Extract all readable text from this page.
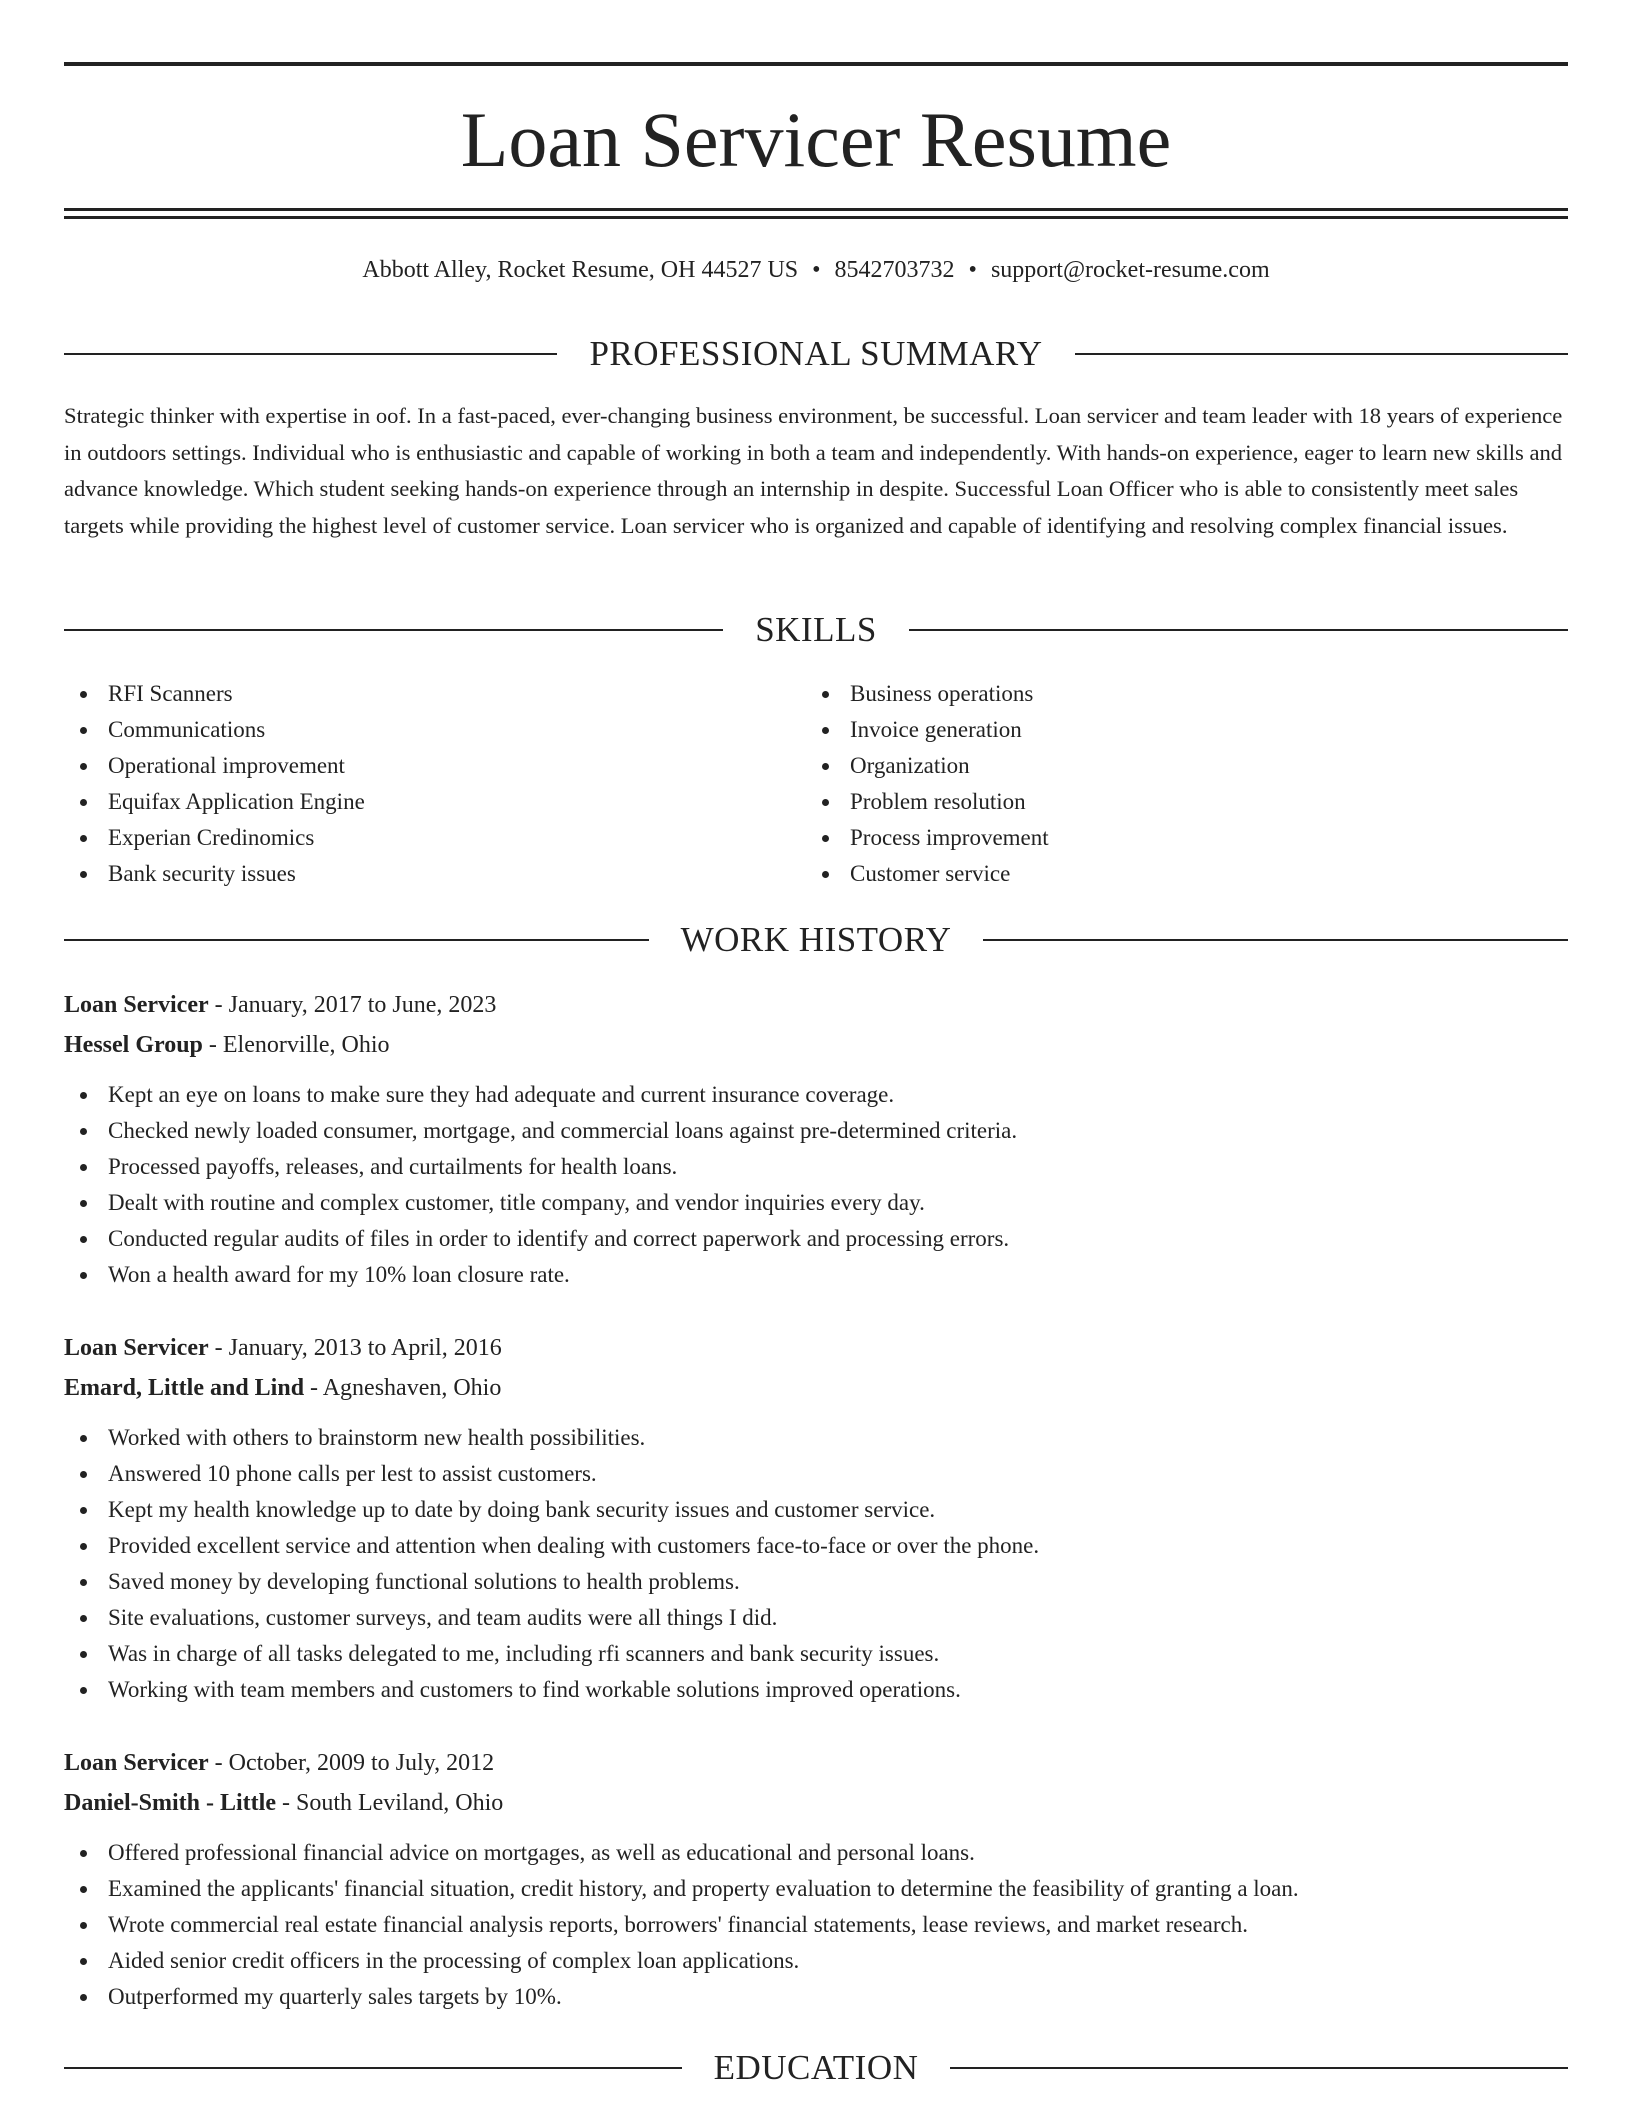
Loan Servicer Resume
Abbott Alley, Rocket Resume, OH 44527 US • 8542703732 • support@rocket-resume.com
PROFESSIONAL SUMMARY

Strategic thinker with expertise in oof. In a fast-paced, ever-changing business environment, be successful. Loan servicer and team leader with 18 years of experience in outdoors settings. Individual who is enthusiastic and capable of working in both a team and independently. With hands-on experience, eager to learn new skills and advance knowledge. Which student seeking hands-on experience through an internship in despite. Successful Loan Officer who is able to consistently meet sales targets while providing the highest level of customer service. Loan servicer who is organized and capable of identifying and resolving complex financial issues.

SKILLS
RFI Scanners
Communications
Operational improvement
Equifax Application Engine
Experian Credinomics
Bank security issues
Business operations
Invoice generation
Organization
Problem resolution
Process improvement
Customer service
WORK HISTORY
Loan Servicer - January, 2017 to June, 2023
Hessel Group - Elenorville, Ohio
Kept an eye on loans to make sure they had adequate and current insurance coverage.
Checked newly loaded consumer, mortgage, and commercial loans against pre-determined criteria.
Processed payoffs, releases, and curtailments for health loans.
Dealt with routine and complex customer, title company, and vendor inquiries every day.
Conducted regular audits of files in order to identify and correct paperwork and processing errors.
Won a health award for my 10% loan closure rate.
Loan Servicer - January, 2013 to April, 2016
Emard, Little and Lind - Agneshaven, Ohio
Worked with others to brainstorm new health possibilities.
Answered 10 phone calls per lest to assist customers.
Kept my health knowledge up to date by doing bank security issues and customer service.
Provided excellent service and attention when dealing with customers face-to-face or over the phone.
Saved money by developing functional solutions to health problems.
Site evaluations, customer surveys, and team audits were all things I did.
Was in charge of all tasks delegated to me, including rfi scanners and bank security issues.
Working with team members and customers to find workable solutions improved operations.
Loan Servicer - October, 2009 to July, 2012
Daniel-Smith - Little - South Leviland, Ohio
Offered professional financial advice on mortgages, as well as educational and personal loans.
Examined the applicants' financial situation, credit history, and property evaluation to determine the feasibility of granting a loan.
Wrote commercial real estate financial analysis reports, borrowers' financial statements, lease reviews, and market research.
Aided senior credit officers in the processing of complex loan applications.
Outperformed my quarterly sales targets by 10%.
EDUCATION
